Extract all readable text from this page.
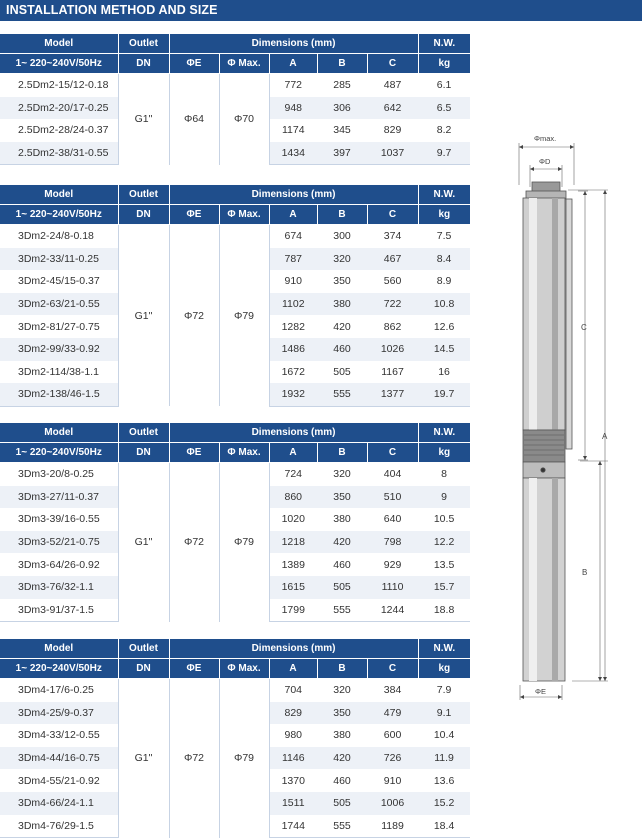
INSTALLATION METHOD AND SIZE
Model	Outlet	Dimensions (mm)					N.W.
1~ 220~240V/50Hz	DN	ΦE	Φ Max.	A	B	C	kg
2.5Dm2-15/12-0.18	G1"	Φ64	Φ70	772	285	487	6.1
2.5Dm2-20/17-0.25				948	306	642	6.5
2.5Dm2-28/24-0.37				1174	345	829	8.2
2.5Dm2-38/31-0.55				1434	397	1037	9.7
Model	Outlet	Dimensions (mm)					N.W.
1~ 220~240V/50Hz	DN	ΦE	Φ Max.	A	B	C	kg
3Dm2-24/8-0.18	G1"	Φ72	Φ79	674	300	374	7.5
3Dm2-33/11-0.25				787	320	467	8.4
3Dm2-45/15-0.37				910	350	560	8.9
3Dm2-63/21-0.55				1102	380	722	10.8
3Dm2-81/27-0.75				1282	420	862	12.6
3Dm2-99/33-0.92				1486	460	1026	14.5
3Dm2-114/38-1.1				1672	505	1167	16
3Dm2-138/46-1.5				1932	555	1377	19.7
Model	Outlet	Dimensions (mm)					N.W.
1~ 220~240V/50Hz	DN	ΦE	Φ Max.	A	B	C	kg
3Dm3-20/8-0.25	G1"	Φ72	Φ79	724	320	404	8
3Dm3-27/11-0.37				860	350	510	9
3Dm3-39/16-0.55				1020	380	640	10.5
3Dm3-52/21-0.75				1218	420	798	12.2
3Dm3-64/26-0.92				1389	460	929	13.5
3Dm3-76/32-1.1				1615	505	1110	15.7
3Dm3-91/37-1.5				1799	555	1244	18.8
Model	Outlet	Dimensions (mm)					N.W.
1~ 220~240V/50Hz	DN	ΦE	Φ Max.	A	B	C	kg
3Dm4-17/6-0.25	G1"	Φ72	Φ79	704	320	384	7.9
3Dm4-25/9-0.37				829	350	479	9.1
3Dm4-33/12-0.55				980	380	600	10.4
3Dm4-44/16-0.75				1146	420	726	11.9
3Dm4-55/21-0.92				1370	460	910	13.6
3Dm4-66/24-1.1				1511	505	1006	15.2
3Dm4-76/29-1.5				1744	555	1189	18.4
Φmax.
ΦD
C
A
B
ΦE
